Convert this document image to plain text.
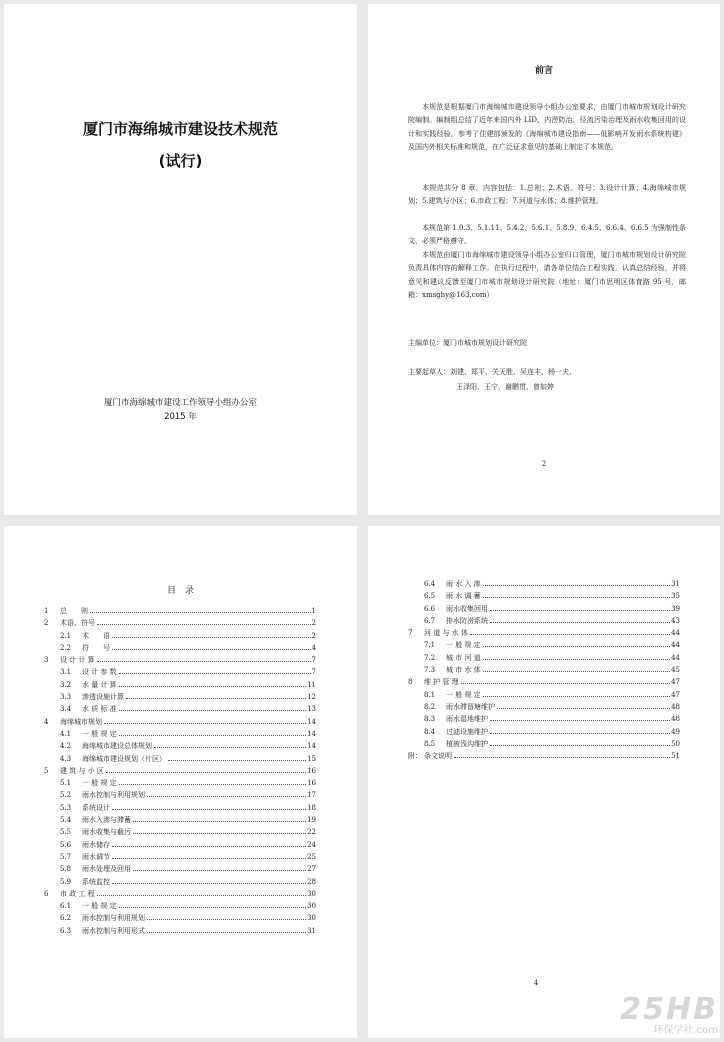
厦门市海绵城市建设技术规范
(试行)
厦门市海绵城市建设工作领导小组办公室
2015 年
前言

本规范是根据厦门市海绵城市建设领导小组办公室要求，由厦门市城市规划设计研究院编制。编制组总结了近年来国内外 LID、内涝防治、径流污染治理及雨水收集回用的设计和实践经验，参考了住建部颁发的《海绵城市建设指南——低影响开发雨水系统构建》及国内外相关标准和规范，在广泛征求意见的基础上制定了本规范。

本规范共分 8 章，内容包括：1.总则；2.术语、符号；3.设计计算；4.海绵城市规划；5.建筑与小区；6.市政工程；7.河道与水体；8.维护管理。

本规范第 1.0.3、5.1.11、5.4.2、5.6.1、5.8.9、6.4.5、6.6.4、6.6.5 为强制性条文，必须严格遵守。

本规范由厦门市海绵城市建设领导小组办公室归口管理，厦门市城市规划设计研究院负责具体内容的解释工作。在执行过程中，请各单位结合工程实践，认真总结经验，并将意见和建议反馈至厦门市城市规划设计研究院（地址：厦门市思明区体育路 95 号，邮箱：xmsghy@163.com）

主编单位：厦门市城市规划设计研究院

主要起草人：刘建、郑平、关天胜、吴连丰、杨一夫、

王泽阳、王宁、谢鹏贯、曾如婷

2
目　录
1	总　　则	1
2	术语、符号	2
2.1	术　　语	2
2.2	符　　号	4
3	设 计 计 算	7
3.1	设 计 参 数	7
3.2	水 量 计 算	11
3.3	渗透设施计算	12
3.4	水 质 标 准	13
4	海绵城市规划	14
4.1	一 般 规 定	14
4.2	海绵城市建设总体规划	14
4.3	海绵城市建设规划（片区）	15
5	建 筑 与 小 区	16
5.1	一 般 规 定	16
5.2	雨水控制与利用规划	17
5.3	系统设计	18
5.4	雨水入渗与滞蓄	19
5.5	雨水收集与截污	22
5.6	雨水储存	24
5.7	雨水调节	25
5.8	雨水处理及回用	27
5.9	系统监控	28
6	市 政 工 程	30
6.1	一 般 规 定	30
6.2	雨水控制与利用规划	30
6.3	雨水控制与利用形式	31
6.4	雨 水 入 渗	31
6.5	雨 水 调 蓄	35
6.6	雨水收集回用	39
6.7	排水防涝系统	43
7	河 道 与 水 体	44
7.1	一 般 规 定	44
7.2	城 市 河 道	44
7.3	城 市 水 体	45
8	维 护 管 理	47
8.1	一 般 规 定	47
8.2	雨水滞留塘维护	48
8.3	雨水湿地维护	48
8.4	过滤设施维护	49
8.5	植被浅沟维护	50
附： 条文说明	51
4
25HB
环保学社.com
